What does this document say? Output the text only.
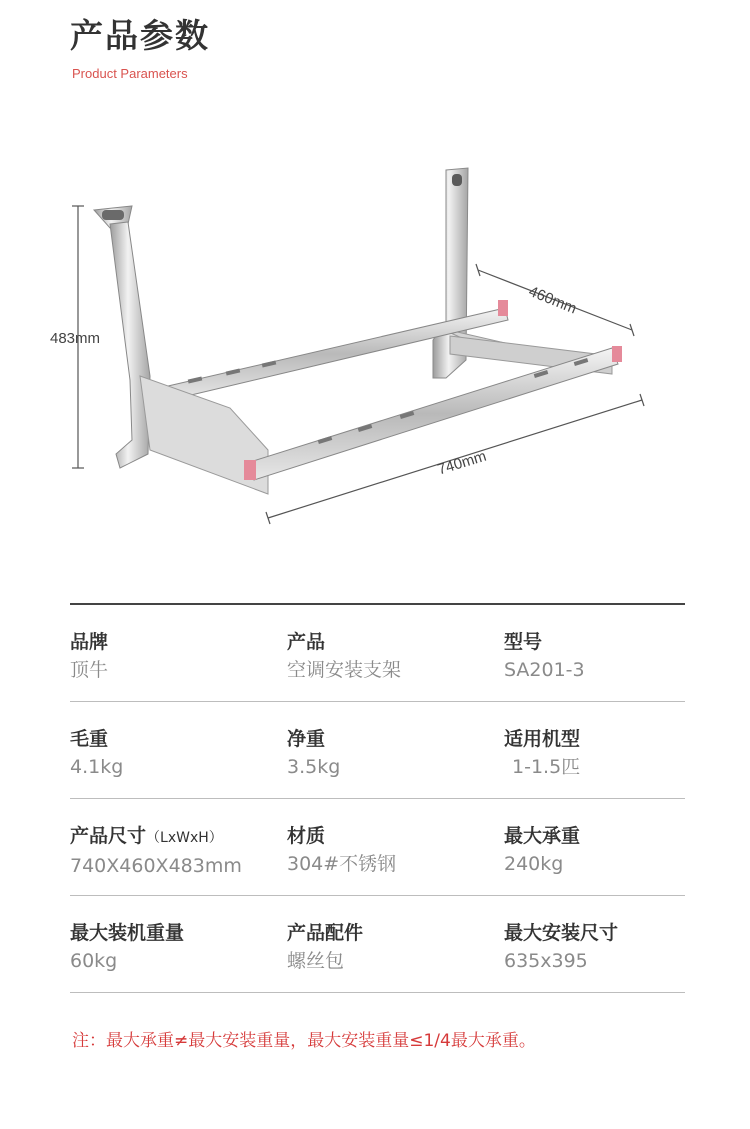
产品参数
Product Parameters
483mm
460mm
740mm
品牌
顶牛
产品
空调安装支架
型号
SA201-3
毛重
4.1kg
净重
3.5kg
适用机型
1-1.5匹
产品尺寸（LxWxH）
740X460X483mm
材质
304#不锈钢
最大承重
240kg
最大装机重量
60kg
产品配件
螺丝包
最大安装尺寸
635x395
注：最大承重≠最大安装重量，最大安装重量≤1/4最大承重。
